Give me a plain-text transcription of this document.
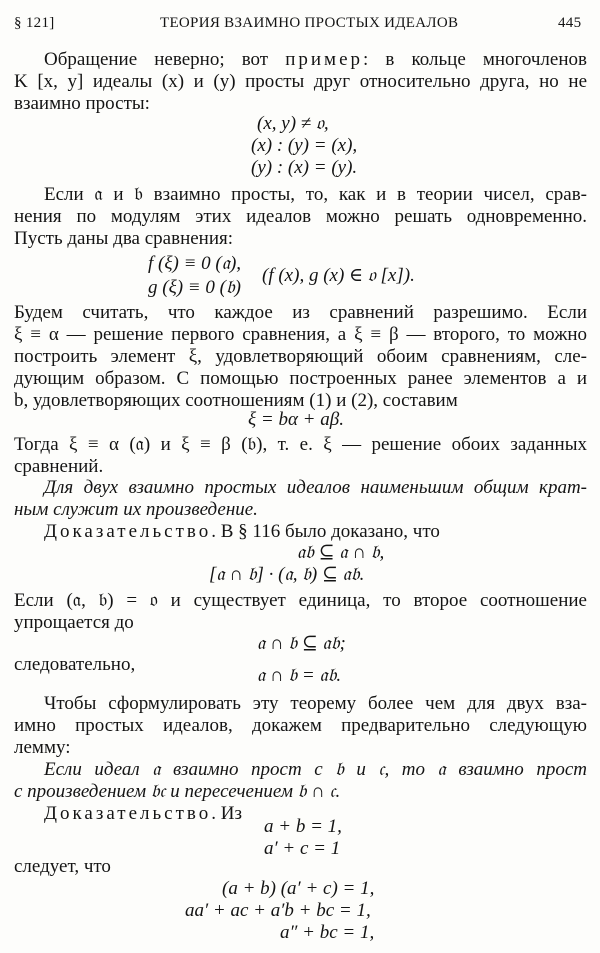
§ 121]	ТЕОРИЯ ВЗАИМНО ПРОСТЫХ ИДЕАЛОВ	445
Обращение неверно; вот пример: в кольце многочленов
K [x, y] идеалы (x) и (y) просты друг относительно друга, но не
взаимно просты:
(x, y) ≠ 𝔬,
(x) : (y) = (x),
(y) : (x) = (y).
Если 𝔞 и 𝔟 взаимно просты, то, как и в теории чисел, срав-
нения по модулям этих идеалов можно решать одновременно.
Пусть даны два сравнения:
f (ξ) ≡ 0 (𝔞),
g (ξ) ≡ 0 (𝔟)
(f (x), g (x) ∈ 𝔬 [x]).
Будем считать, что каждое из сравнений разрешимо. Если
ξ ≡ α — решение первого сравнения, а ξ ≡ β — второго, то можно
построить элемент ξ, удовлетворяющий обоим сравнениям, сле-
дующим образом. С помощью построенных ранее элементов a и
b, удовлетворяющих соотношениям (1) и (2), составим
ξ = bα + aβ.
Тогда ξ ≡ α (𝔞) и ξ ≡ β (𝔟), т. е. ξ — решение обоих заданных
сравнений.
Для двух взаимно простых идеалов наименьшим общим крат-
ным служит их произведение.
Доказательство. В § 116 было доказано, что
𝔞𝔟 ⊆ 𝔞 ∩ 𝔟,
[𝔞 ∩ 𝔟] · (𝔞, 𝔟) ⊆ 𝔞𝔟.
Если (𝔞, 𝔟) = 𝔬 и существует единица, то второе соотношение
упрощается до
𝔞 ∩ 𝔟 ⊆ 𝔞𝔟;
следовательно,
𝔞 ∩ 𝔟 = 𝔞𝔟.
Чтобы сформулировать эту теорему более чем для двух вза-
имно простых идеалов, докажем предварительно следующую
лемму:
Если идеал 𝔞 взаимно прост с 𝔟 и 𝔠, то 𝔞 взаимно прост
с произведением 𝔟𝔠 и пересечением 𝔟 ∩ 𝔠.
Доказательство. Из
a + b = 1,
a′ + c = 1
следует, что
(a + b) (a′ + c) = 1,
aa′ + ac + a′b + bc = 1,
a″ + bc = 1,
